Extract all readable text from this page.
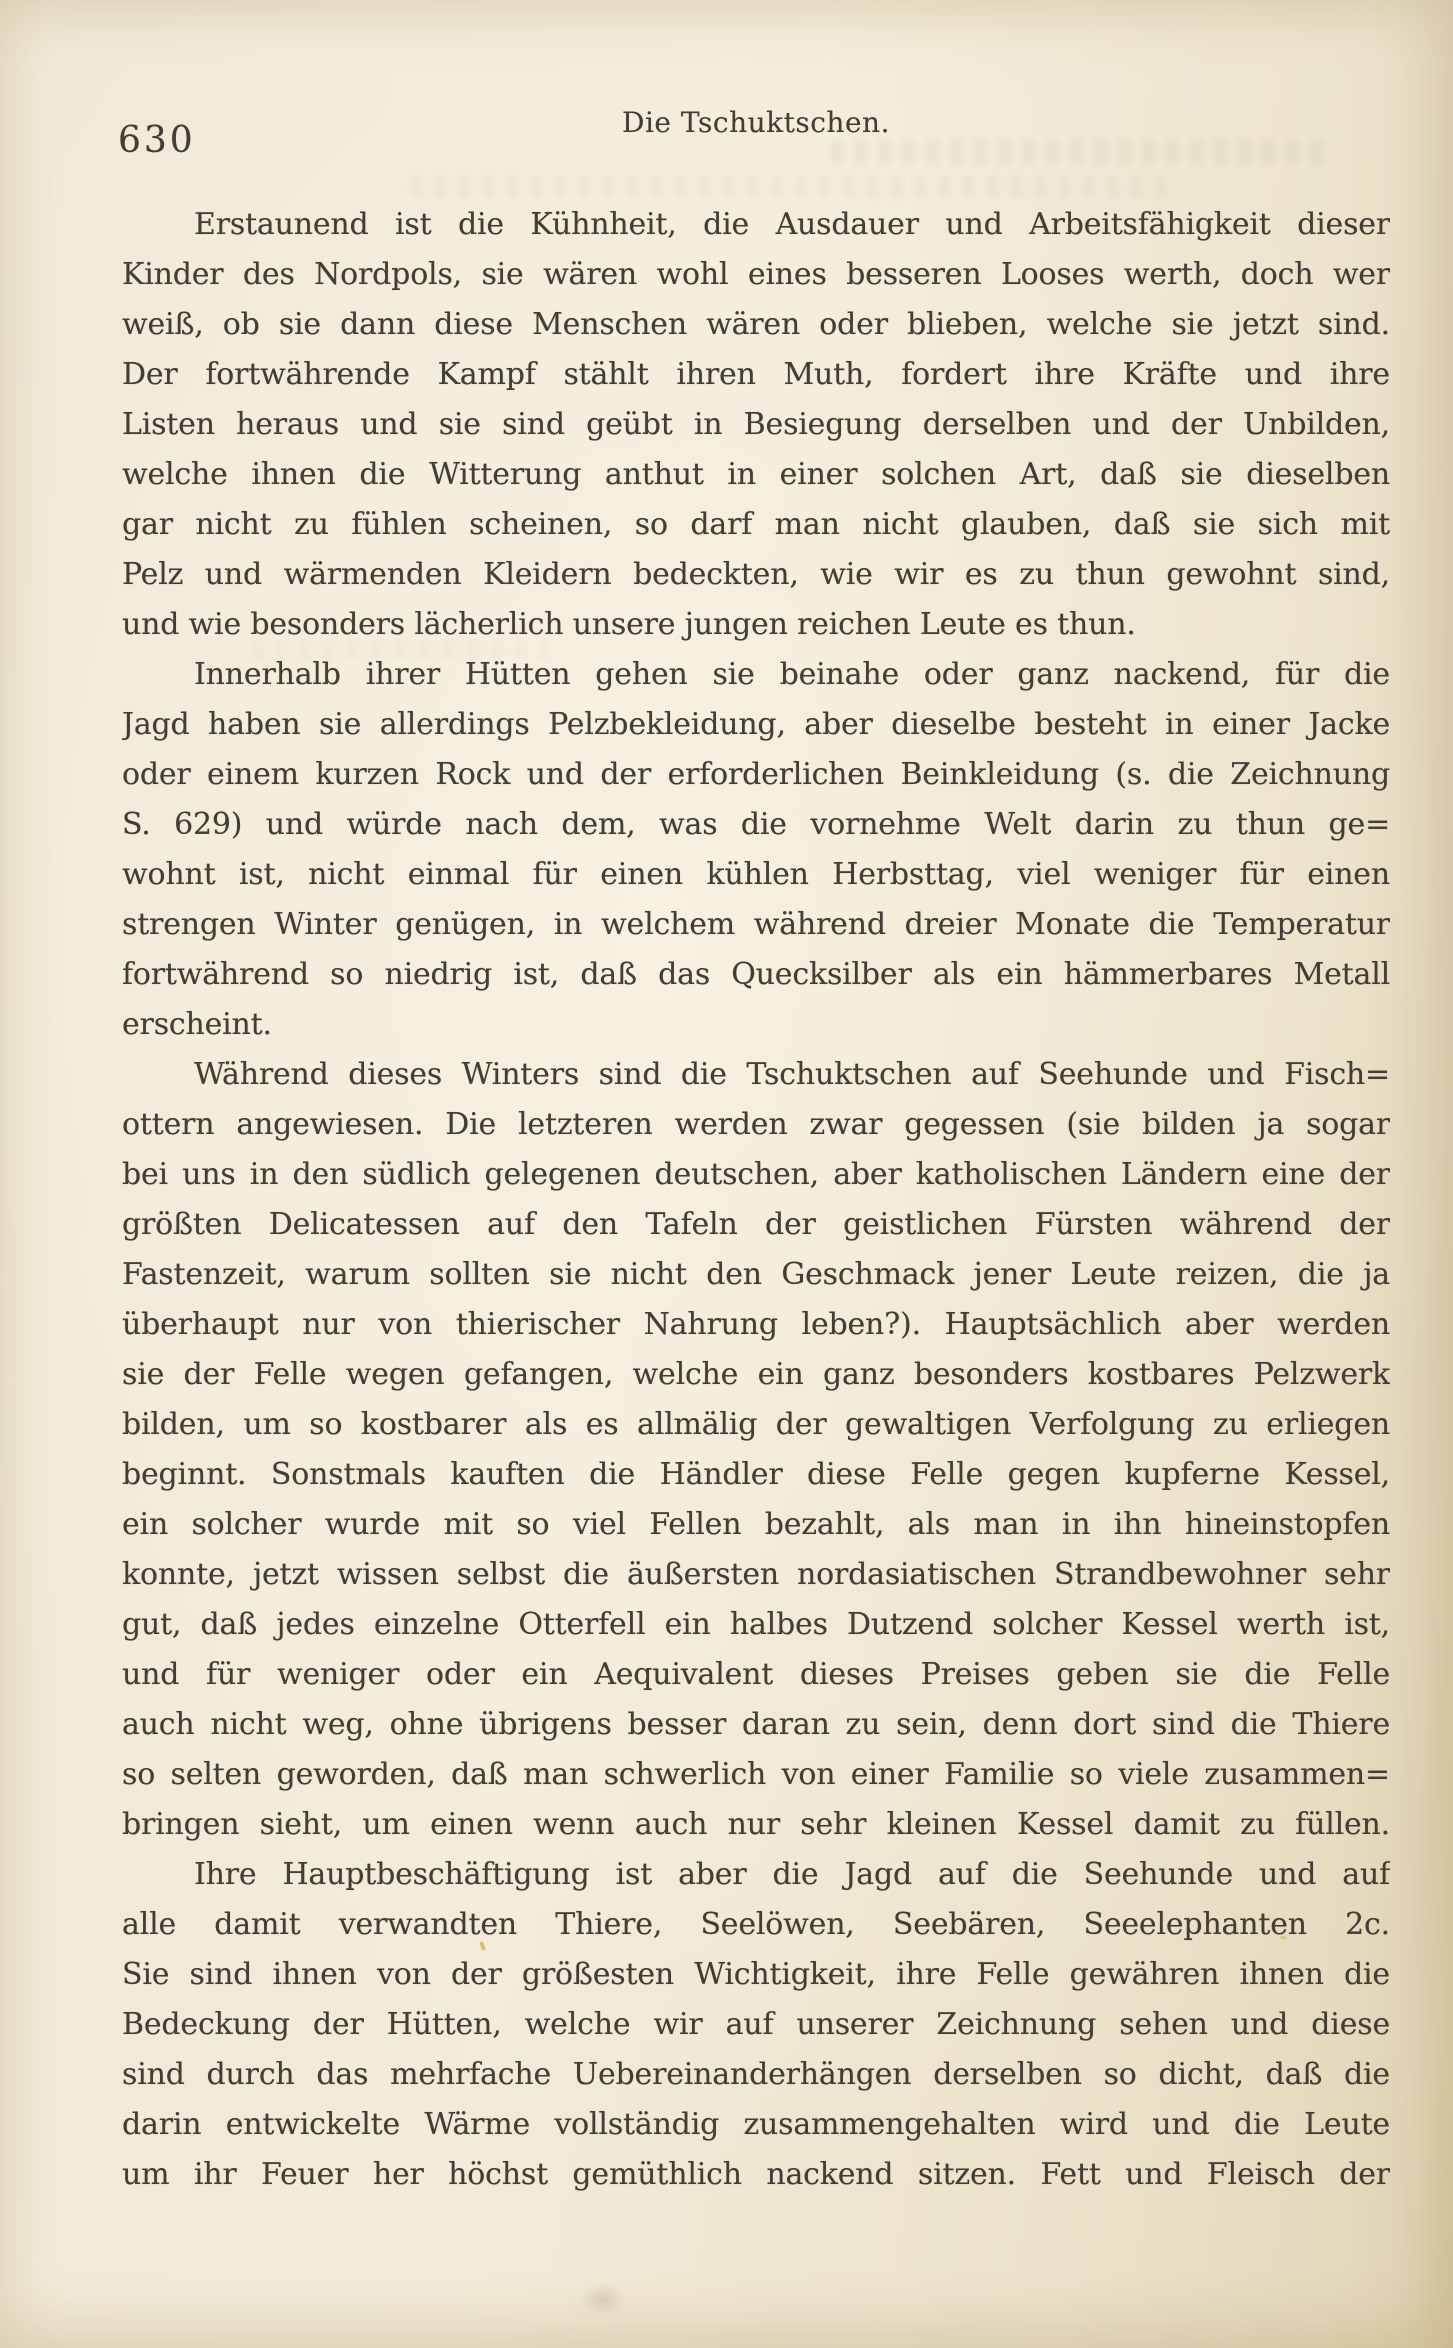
630	Die Tschuktschen.
Erstaunend ist die Kühnheit, die Ausdauer und Arbeitsfähigkeit dieser
Kinder des Nordpols, sie wären wohl eines besseren Looses werth, doch wer
weiß, ob sie dann diese Menschen wären oder blieben, welche sie jetzt sind.
Der fortwährende Kampf stählt ihren Muth, fordert ihre Kräfte und ihre
Listen heraus und sie sind geübt in Besiegung derselben und der Unbilden,
welche ihnen die Witterung anthut in einer solchen Art, daß sie dieselben
gar nicht zu fühlen scheinen, so darf man nicht glauben, daß sie sich mit
Pelz und wärmenden Kleidern bedeckten, wie wir es zu thun gewohnt sind,
und wie besonders lächerlich unsere jungen reichen Leute es thun.
Innerhalb ihrer Hütten gehen sie beinahe oder ganz nackend, für die
Jagd haben sie allerdings Pelzbekleidung, aber dieselbe besteht in einer Jacke
oder einem kurzen Rock und der erforderlichen Beinkleidung (s. die Zeichnung
S. 629) und würde nach dem, was die vornehme Welt darin zu thun ge=
wohnt ist, nicht einmal für einen kühlen Herbsttag, viel weniger für einen
strengen Winter genügen, in welchem während dreier Monate die Temperatur
fortwährend so niedrig ist, daß das Quecksilber als ein hämmerbares Metall
erscheint.
Während dieses Winters sind die Tschuktschen auf Seehunde und Fisch=
ottern angewiesen. Die letzteren werden zwar gegessen (sie bilden ja sogar
bei uns in den südlich gelegenen deutschen, aber katholischen Ländern eine der
größten Delicatessen auf den Tafeln der geistlichen Fürsten während der
Fastenzeit, warum sollten sie nicht den Geschmack jener Leute reizen, die ja
überhaupt nur von thierischer Nahrung leben?). Hauptsächlich aber werden
sie der Felle wegen gefangen, welche ein ganz besonders kostbares Pelzwerk
bilden, um so kostbarer als es allmälig der gewaltigen Verfolgung zu erliegen
beginnt. Sonstmals kauften die Händler diese Felle gegen kupferne Kessel,
ein solcher wurde mit so viel Fellen bezahlt, als man in ihn hineinstopfen
konnte, jetzt wissen selbst die äußersten nordasiatischen Strandbewohner sehr
gut, daß jedes einzelne Otterfell ein halbes Dutzend solcher Kessel werth ist,
und für weniger oder ein Aequivalent dieses Preises geben sie die Felle
auch nicht weg, ohne übrigens besser daran zu sein, denn dort sind die Thiere
so selten geworden, daß man schwerlich von einer Familie so viele zusammen=
bringen sieht, um einen wenn auch nur sehr kleinen Kessel damit zu füllen.
Ihre Hauptbeschäftigung ist aber die Jagd auf die Seehunde und auf
alle damit verwandten Thiere, Seelöwen, Seebären, Seeelephanten 2c.
Sie sind ihnen von der größesten Wichtigkeit, ihre Felle gewähren ihnen die
Bedeckung der Hütten, welche wir auf unserer Zeichnung sehen und diese
sind durch das mehrfache Uebereinanderhängen derselben so dicht, daß die
darin entwickelte Wärme vollständig zusammengehalten wird und die Leute
um ihr Feuer her höchst gemüthlich nackend sitzen. Fett und Fleisch der
